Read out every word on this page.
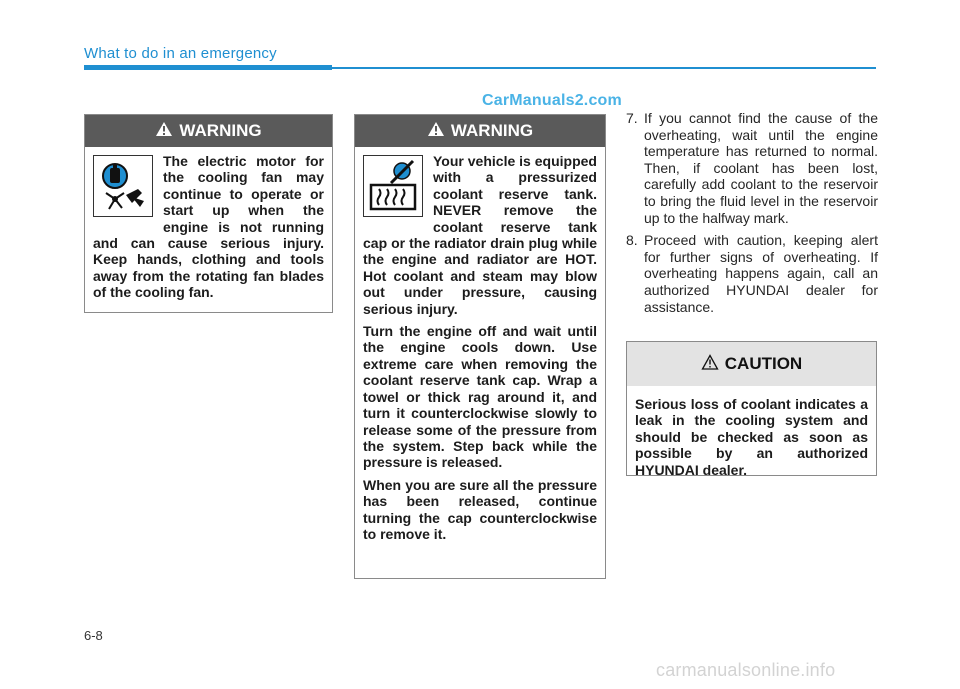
What to do in an emergency
CarManuals2.com
WARNING
The electric motor for the cooling fan may continue to operate or start up when the engine is not running and can cause serious injury. Keep hands, clothing and tools away from the rotating fan blades of the cooling fan.
WARNING

Your vehicle is equipped with a pressurized coolant reserve tank. NEVER remove the coolant reserve tank cap or the radiator drain plug while the engine and radiator are HOT. Hot coolant and steam may blow out under pressure, causing serious injury.

Turn the engine off and wait until the engine cools down. Use extreme care when removing the coolant reserve tank cap. Wrap a towel or thick rag around it, and turn it counterclockwise slowly to release some of the pressure from the system. Step back while the pressure is released.

When you are sure all the pressure has been released, continue turning the cap counterclockwise to remove it.

7. If you cannot find the cause of the overheating, wait until the engine temperature has returned to normal. Then, if coolant has been lost, carefully add coolant to the reservoir to bring the fluid level in the reservoir up to the halfway mark.
8. Proceed with caution, keeping alert for further signs of overheating. If overheating happens again, call an authorized HYUNDAI dealer for assistance.
CAUTION
Serious loss of coolant indicates a leak in the cooling system and should be checked as soon as possible by an authorized HYUNDAI dealer.
6-8
carmanualsonline.info
